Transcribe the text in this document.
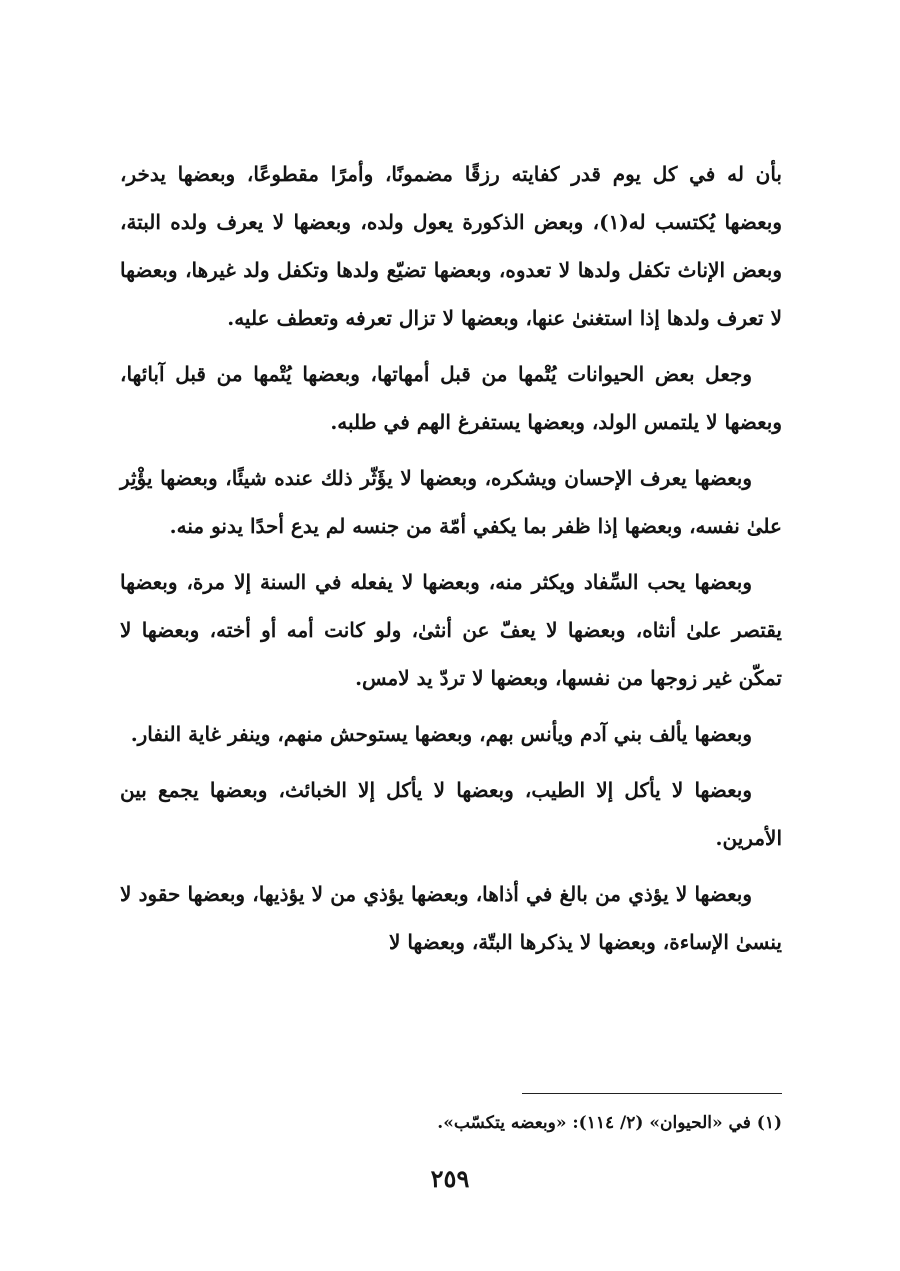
بأن له في كل يوم قدر كفايته رزقًا مضمونًا، وأمرًا مقطوعًا، وبعضها يدخر، وبعضها يُكتسب له(١)، وبعض الذكورة يعول ولده، وبعضها لا يعرف ولده البتة، وبعض الإناث تكفل ولدها لا تعدوه، وبعضها تضيّع ولدها وتكفل ولد غيرها، وبعضها لا تعرف ولدها إذا استغنىٰ عنها، وبعضها لا تزال تعرفه وتعطف عليه.

وجعل بعض الحيوانات يُتْمها من قبل أمهاتها، وبعضها يُتْمها من قبل آبائها، وبعضها لا يلتمس الولد، وبعضها يستفرغ الهم في طلبه.

وبعضها يعرف الإحسان ويشكره، وبعضها لا يؤَثّر ذلك عنده شيئًا، وبعضها يؤْثِر علىٰ نفسه، وبعضها إذا ظفر بما يكفي أمّة من جنسه لم يدع أحدًا يدنو منه.

وبعضها يحب السِّفاد ويكثر منه، وبعضها لا يفعله في السنة إلا مرة، وبعضها يقتصر علىٰ أنثاه، وبعضها لا يعفّ عن أنثىٰ، ولو كانت أمه أو أخته، وبعضها لا تمكّن غير زوجها من نفسها، وبعضها لا تردّ يد لامس.

وبعضها يألف بني آدم ويأنس بهم، وبعضها يستوحش منهم، وينفر غاية النفار.

وبعضها لا يأكل إلا الطيب، وبعضها لا يأكل إلا الخبائث، وبعضها يجمع بين الأمرين.

وبعضها لا يؤذي من بالغ في أذاها، وبعضها يؤذي من لا يؤذيها، وبعضها حقود لا ينسىٰ الإساءة، وبعضها لا يذكرها البتّة، وبعضها لا

(١) في «الحيوان» (٢/ ١١٤): «وبعضه يتكسّب».
٢٥٩
